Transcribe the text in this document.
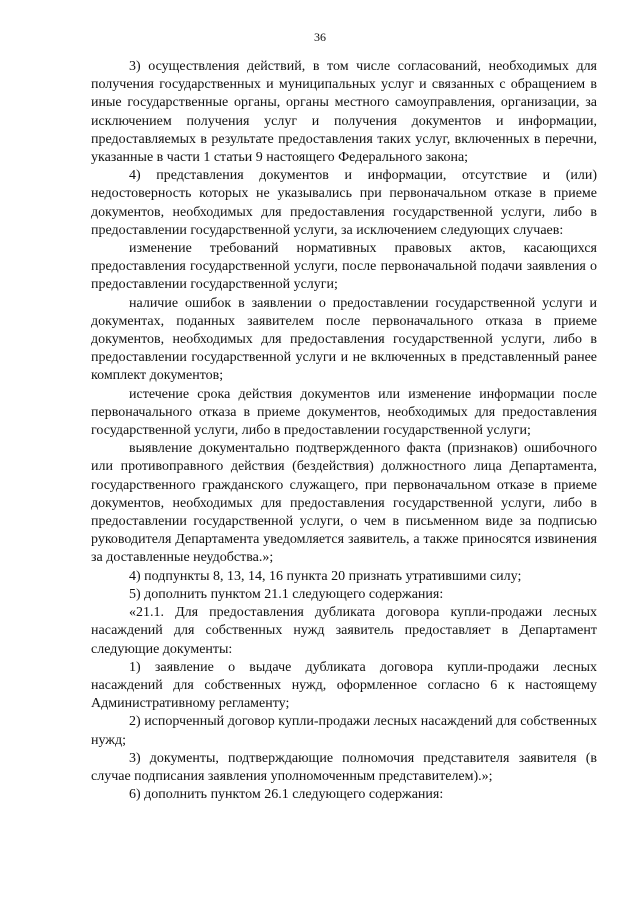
36

3) осуществления действий, в том числе согласований, необходимых для получения государственных и муниципальных услуг и связанных с обращением в иные государственные органы, органы местного самоуправления, организации, за исключением получения услуг и получения документов и информации, предоставляемых в результате предоставления таких услуг, включенных в перечни, указанные в части 1 статьи 9 настоящего Федерального закона;

4) представления документов и информации, отсутствие и (или) недостоверность которых не указывались при первоначальном отказе в приеме документов, необходимых для предоставления государственной услуги, либо в предоставлении государственной услуги, за исключением следующих случаев:

изменение требований нормативных правовых актов, касающихся предоставления государственной услуги, после первоначальной подачи заявления о предоставлении государственной услуги;

наличие ошибок в заявлении о предоставлении государственной услуги и документах, поданных заявителем после первоначального отказа в приеме документов, необходимых для предоставления государственной услуги, либо в предоставлении государственной услуги и не включенных в представленный ранее комплект документов;

истечение срока действия документов или изменение информации после первоначального отказа в приеме документов, необходимых для предоставления государственной услуги, либо в предоставлении государственной услуги;

выявление документально подтвержденного факта (признаков) ошибочного или противоправного действия (бездействия) должностного лица Департамента, государственного гражданского служащего, при первоначальном отказе в приеме документов, необходимых для предоставления государственной услуги, либо в предоставлении государственной услуги, о чем в письменном виде за подписью руководителя Департамента уведомляется заявитель, а также приносятся извинения за доставленные неудобства.»;

4) подпункты 8, 13, 14, 16 пункта 20 признать утратившими силу;

5) дополнить пунктом 21.1 следующего содержания:

«21.1. Для предоставления дубликата договора купли-продажи лесных насаждений для собственных нужд заявитель предоставляет в Департамент следующие документы:

1) заявление о выдаче дубликата договора купли-продажи лесных насаждений для собственных нужд, оформленное согласно 6 к настоящему Административному регламенту;

2) испорченный договор купли-продажи лесных насаждений для собственных нужд;

3) документы, подтверждающие полномочия представителя заявителя (в случае подписания заявления уполномоченным представителем).»;

6) дополнить пунктом 26.1 следующего содержания:
